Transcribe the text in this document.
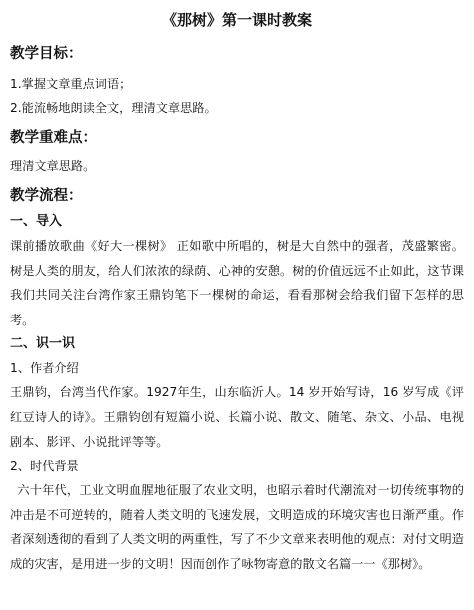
《那树》第一课时教案
教学目标：

1.掌握文章重点词语；

2.能流畅地朗读全文，理清文章思路。

教学重难点：

理清文章思路。

教学流程：
一、导入

课前播放歌曲《好大一棵树》 正如歌中所唱的，树是大自然中的强者，茂盛繁密。树是人类的朋友，给人们浓浓的绿荫、心神的安憩。树的价值远远不止如此，这节课我们共同关注台湾作家王鼎钧笔下一棵树的命运，看看那树会给我们留下怎样的思考。

二、识一识

1、作者介绍

王鼎钧，台湾当代作家。1927年生，山东临沂人。14 岁开始写诗，16 岁写成《评红豆诗人的诗》。王鼎钧创有短篇小说、长篇小说、散文、随笔、杂文、小品、电视剧本、影评、小说批评等等。

2、时代背景

六十年代，工业文明血腥地征服了农业文明，也昭示着时代潮流对一切传统事物的冲击是不可逆转的，随着人类文明的飞速发展，文明造成的环境灾害也日渐严重。作者深刻透彻的看到了人类文明的两重性，写了不少文章来表明他的观点：对付文明造成的灾害，是用进一步的文明！因而创作了咏物寄意的散文名篇一一《那树》。
